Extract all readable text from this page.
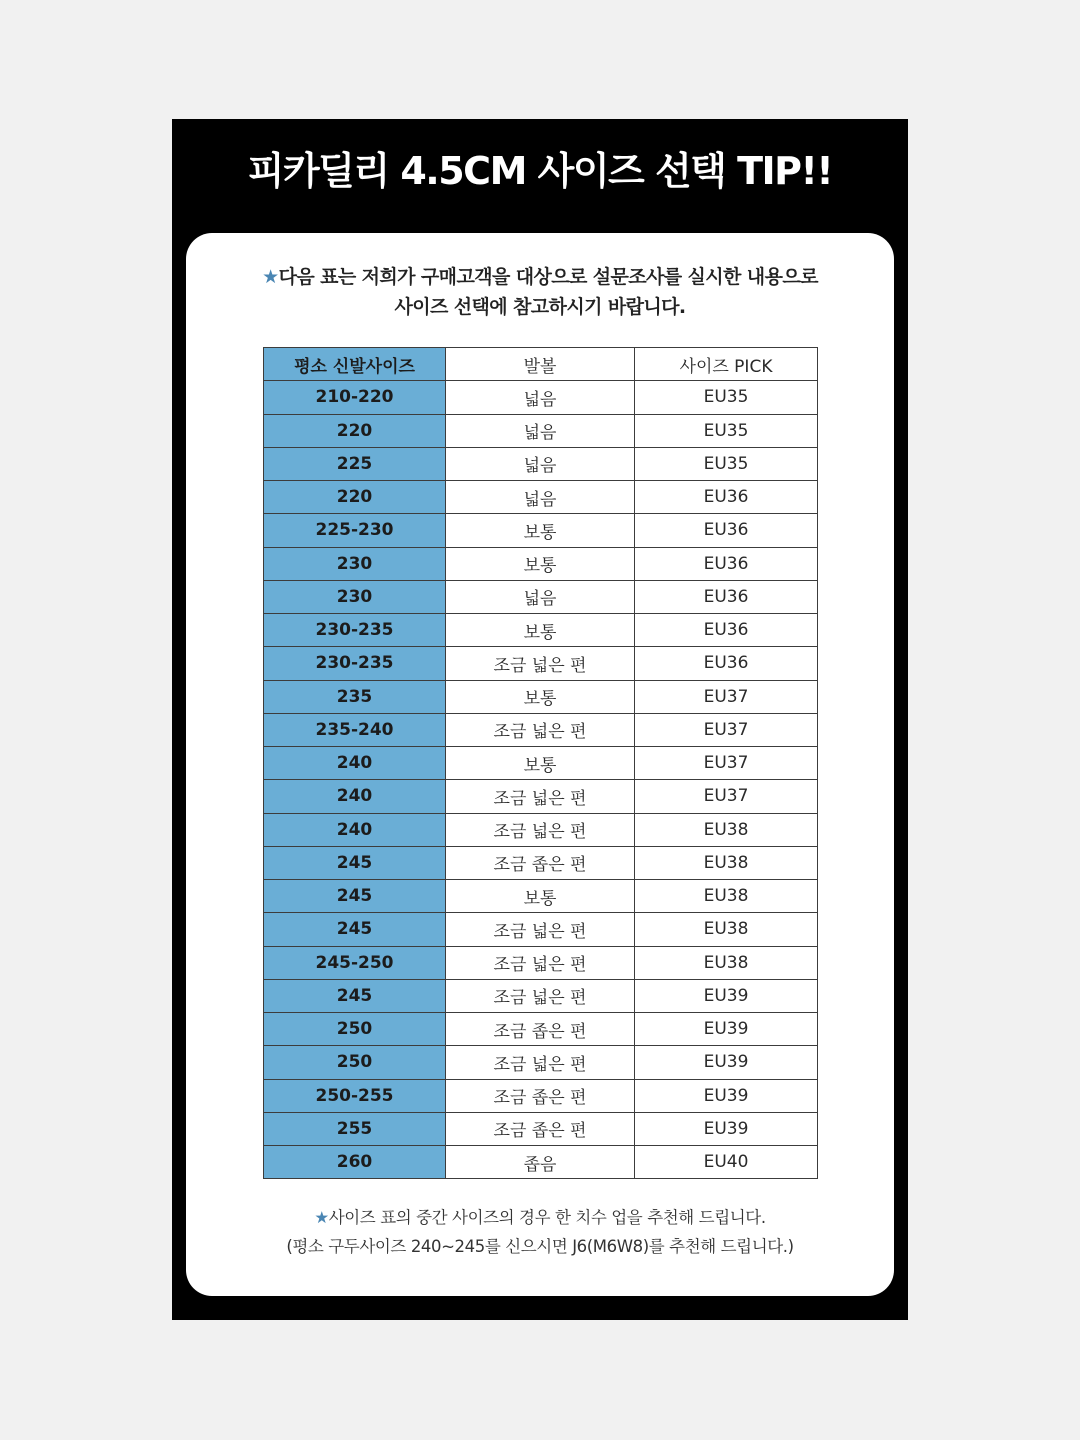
피카딜리 4.5CM 사이즈 선택 TIP!!

★다음 표는 저희가 구매고객을 대상으로 설문조사를 실시한 내용으로
사이즈 선택에 참고하시기 바랍니다.

평소 신발사이즈	발볼	사이즈 PICK
210-220	넓음	EU35
220	넓음	EU35
225	넓음	EU35
220	넓음	EU36
225-230	보통	EU36
230	보통	EU36
230	넓음	EU36
230-235	보통	EU36
230-235	조금 넓은 편	EU36
235	보통	EU37
235-240	조금 넓은 편	EU37
240	보통	EU37
240	조금 넓은 편	EU37
240	조금 넓은 편	EU38
245	조금 좁은 편	EU38
245	보통	EU38
245	조금 넓은 편	EU38
245-250	조금 넓은 편	EU38
245	조금 넓은 편	EU39
250	조금 좁은 편	EU39
250	조금 넓은 편	EU39
250-255	조금 좁은 편	EU39
255	조금 좁은 편	EU39
260	좁음	EU40

★사이즈 표의 중간 사이즈의 경우 한 치수 업을 추천해 드립니다.
(평소 구두사이즈 240~245를 신으시면 J6(M6W8)를 추천해 드립니다.)
